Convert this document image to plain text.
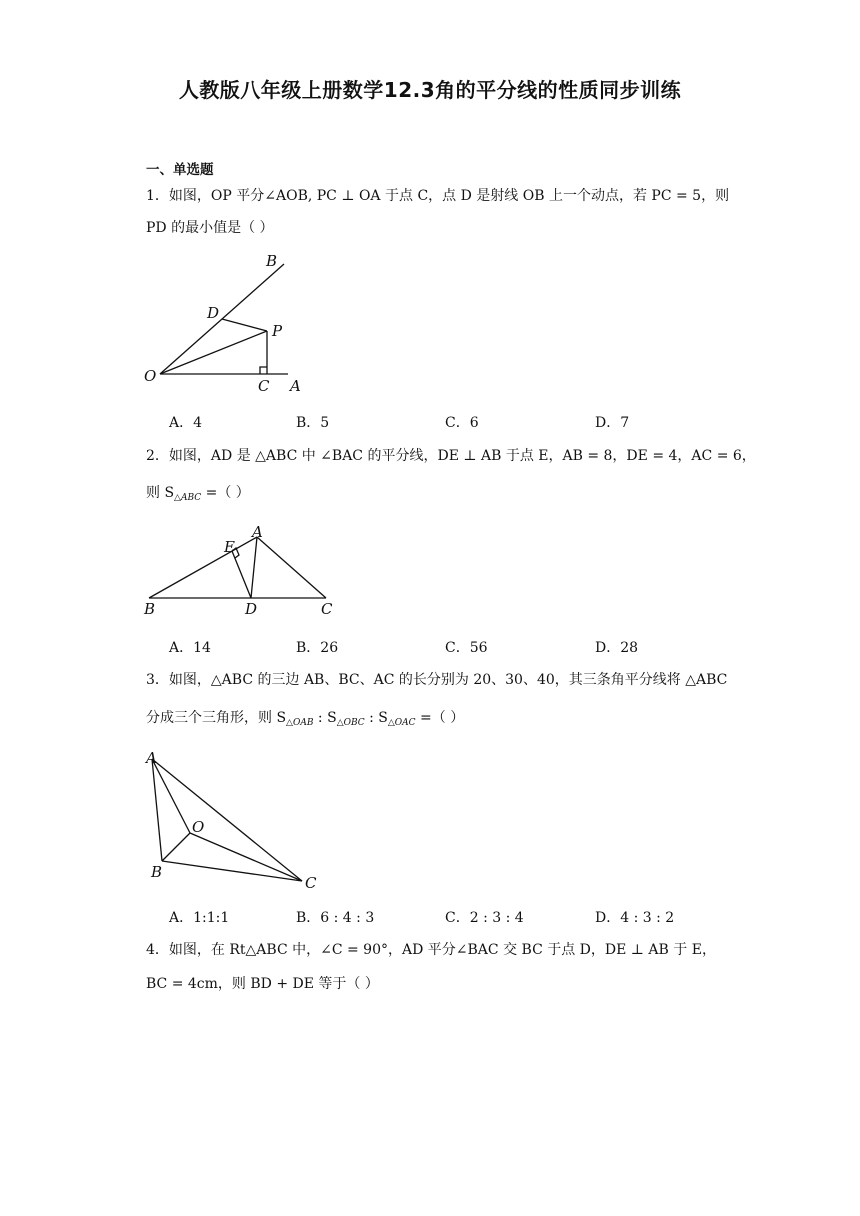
人教版八年级上册数学12.3角的平分线的性质同步训练
一、单选题
1．如图，OP 平分∠AOB, PC ⊥ OA 于点 C，点 D 是射线 OB 上一个动点，若 PC = 5，则
PD 的最小值是（ ）
B
D
P
O
C A
A．4	B．5	C．6	D．7
2．如图，AD 是 △ABC 中 ∠BAC 的平分线，DE ⊥ AB 于点 E，AB = 8，DE = 4，AC = 6，
则 $S_{\triangle ABC}$ =（ ）
E
A
B	D	C
A．14	B．26	C．56	D．28
3．如图，△ABC 的三边 AB、BC、AC 的长分别为 20、30、40，其三条角平分线将 △ABC
分成三个三角形，则 $S_{\triangle OAB}$ : $S_{\triangle OBC}$ : $S_{\triangle OAC}$ =（ ）
A
O
B
C
A．1:1:1	B．6 : 4 : 3	C．2 : 3 : 4	D．4 : 3 : 2
4．如图，在 Rt△ABC 中，∠C = 90°，AD 平分∠BAC 交 BC 于点 D，DE ⊥ AB 于 E，
BC = 4cm，则 BD + DE 等于（ ）
